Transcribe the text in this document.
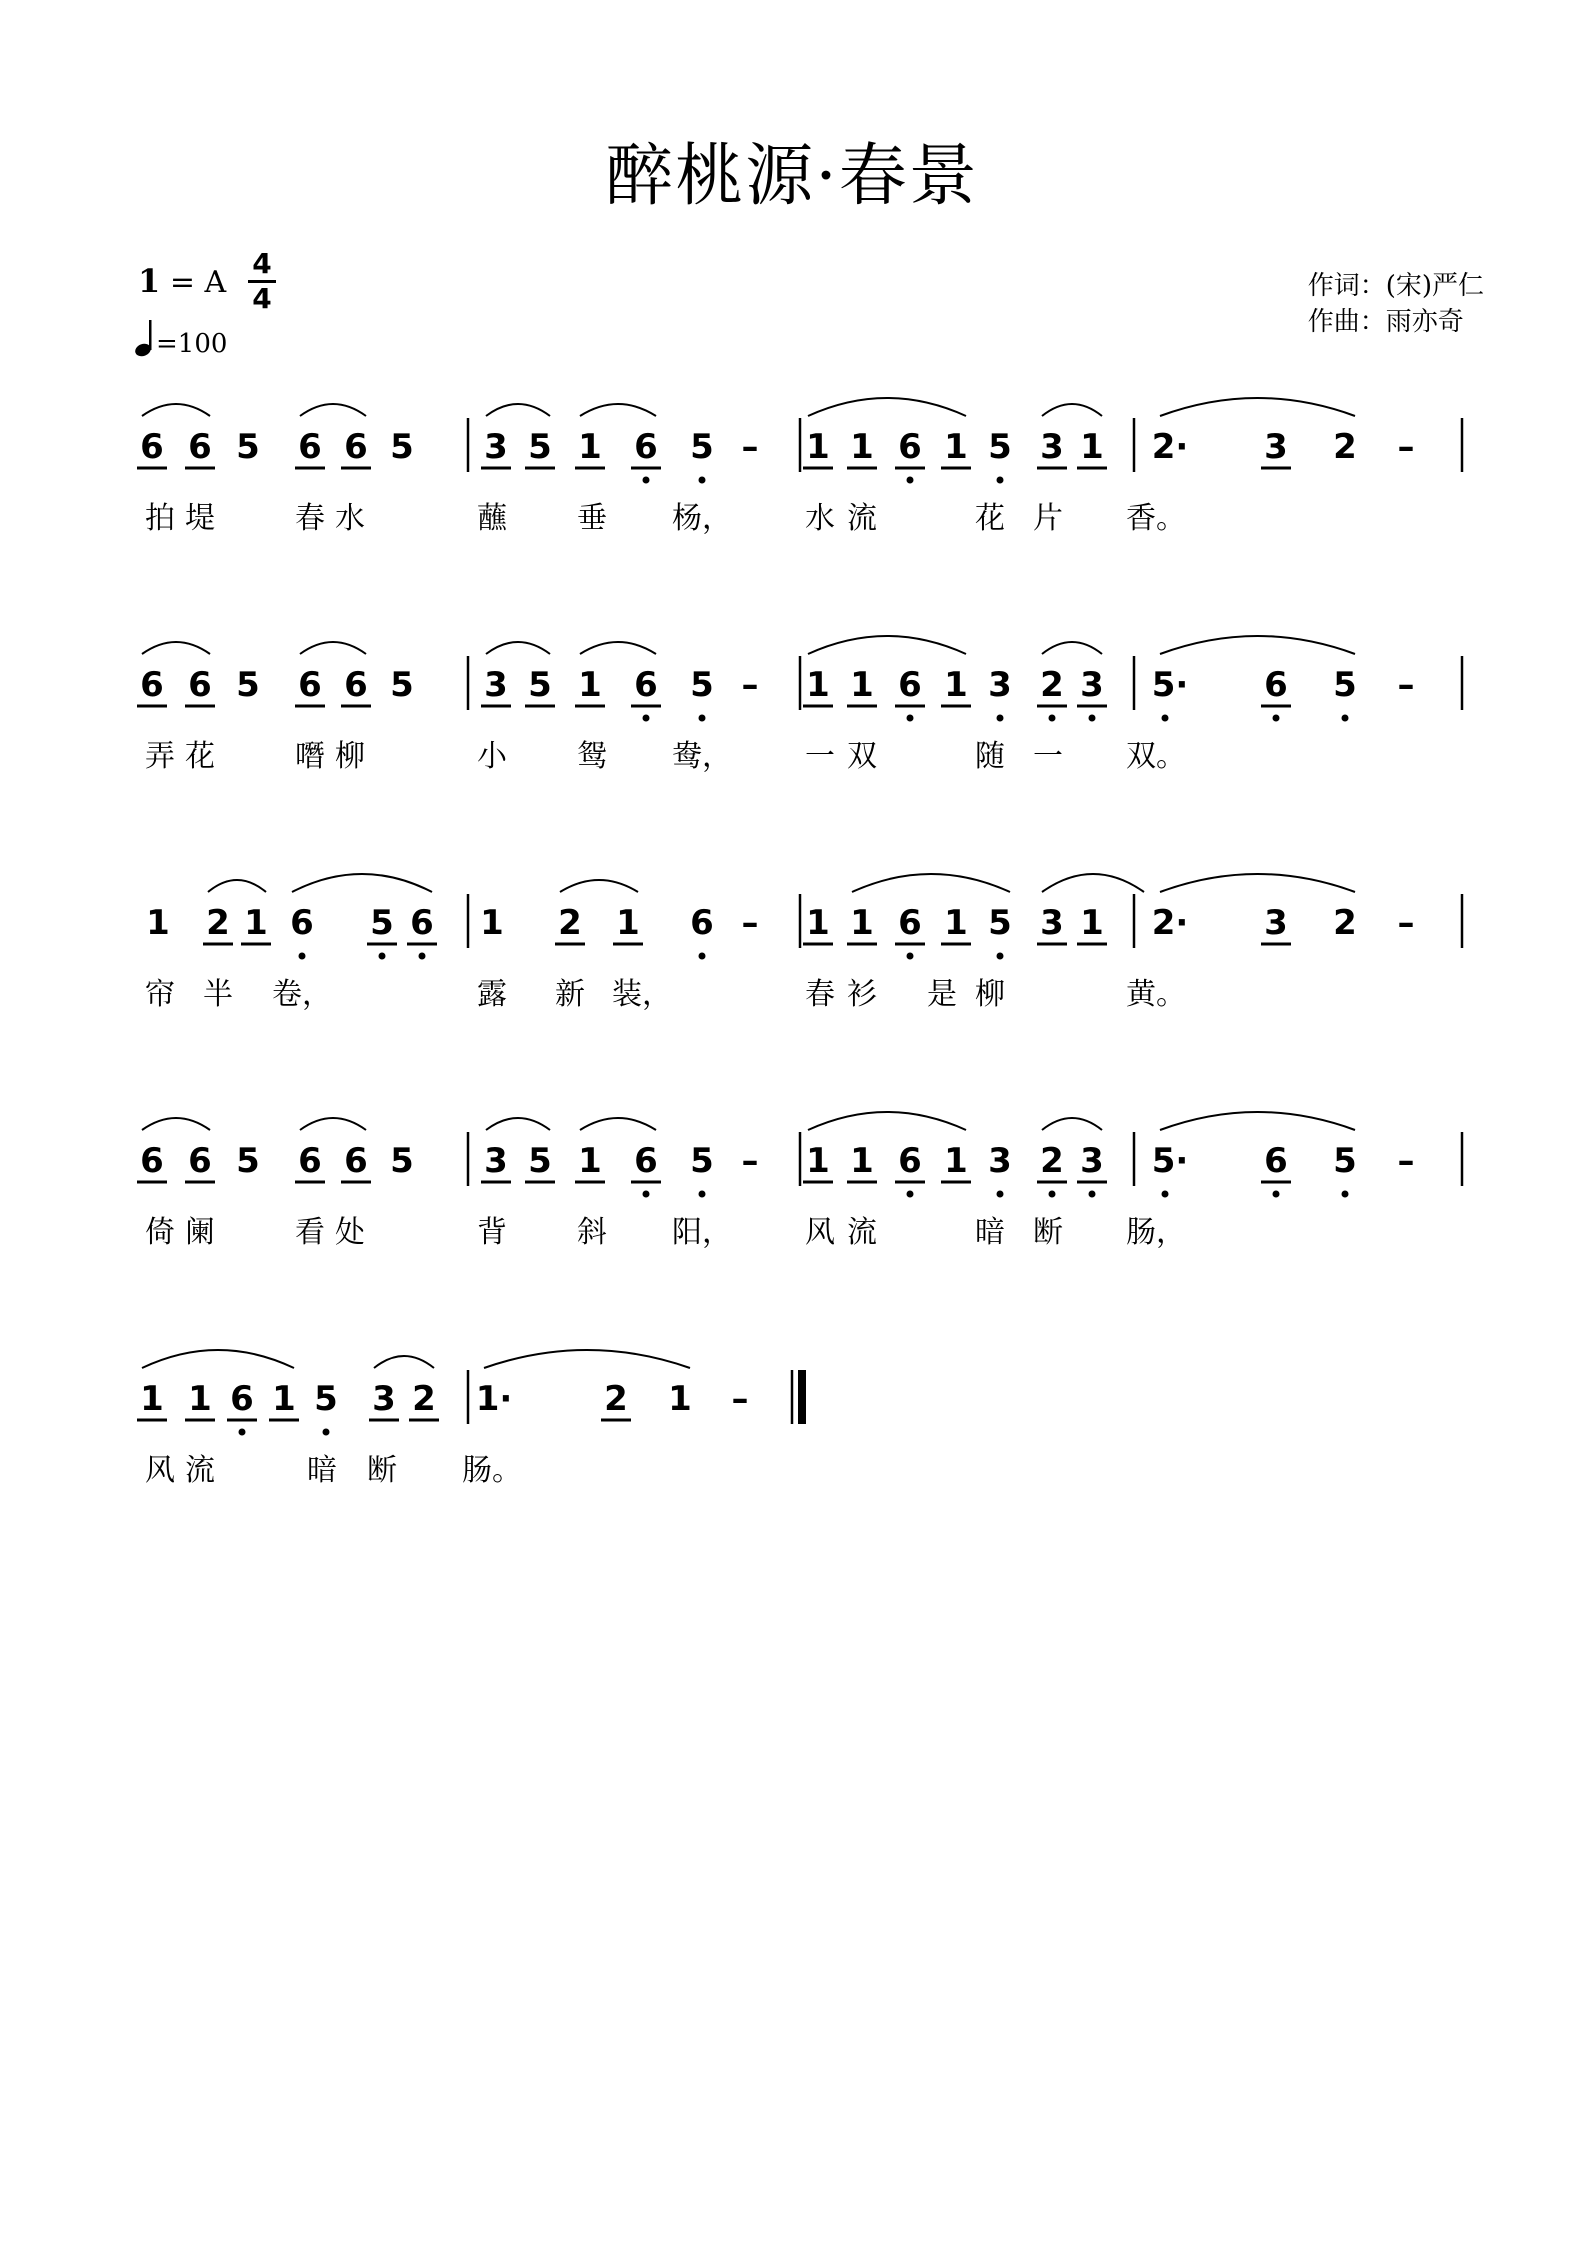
醉桃源·春景
1 = A
4
4
=100
作词：(宋)严仁
作曲：雨亦奇
6 6 5 6 6 5 3 5 1 6 5 – 1 1 6 1 5 3 1 2· 3 2 –
拍 堤	春 水	蘸 垂 杨， 水 流	花 片 香。
6 6 5 6 6 5 3 5 1 6 5 – 1 1 6 1 3 2 3 5· 6 5 –
弄 花	噆 柳	小 鸳 鸯， 一 双	随 一 双。
1 2 1 6 5 6 1 2 1 6 – 1 1 6 1 5 3 1 2· 3 2 –
帘 半 卷，	露 新 装，	春 衫 是 柳	黄。
6 6 5 6 6 5 3 5 1 6 5 – 1 1 6 1 3 2 3 5· 6 5 –
倚 阑	看 处	背 斜 阳， 风 流	暗 断 肠，
1 1 6 1 5 3 2 1·	2 1 –
风 流	暗 断 肠。
